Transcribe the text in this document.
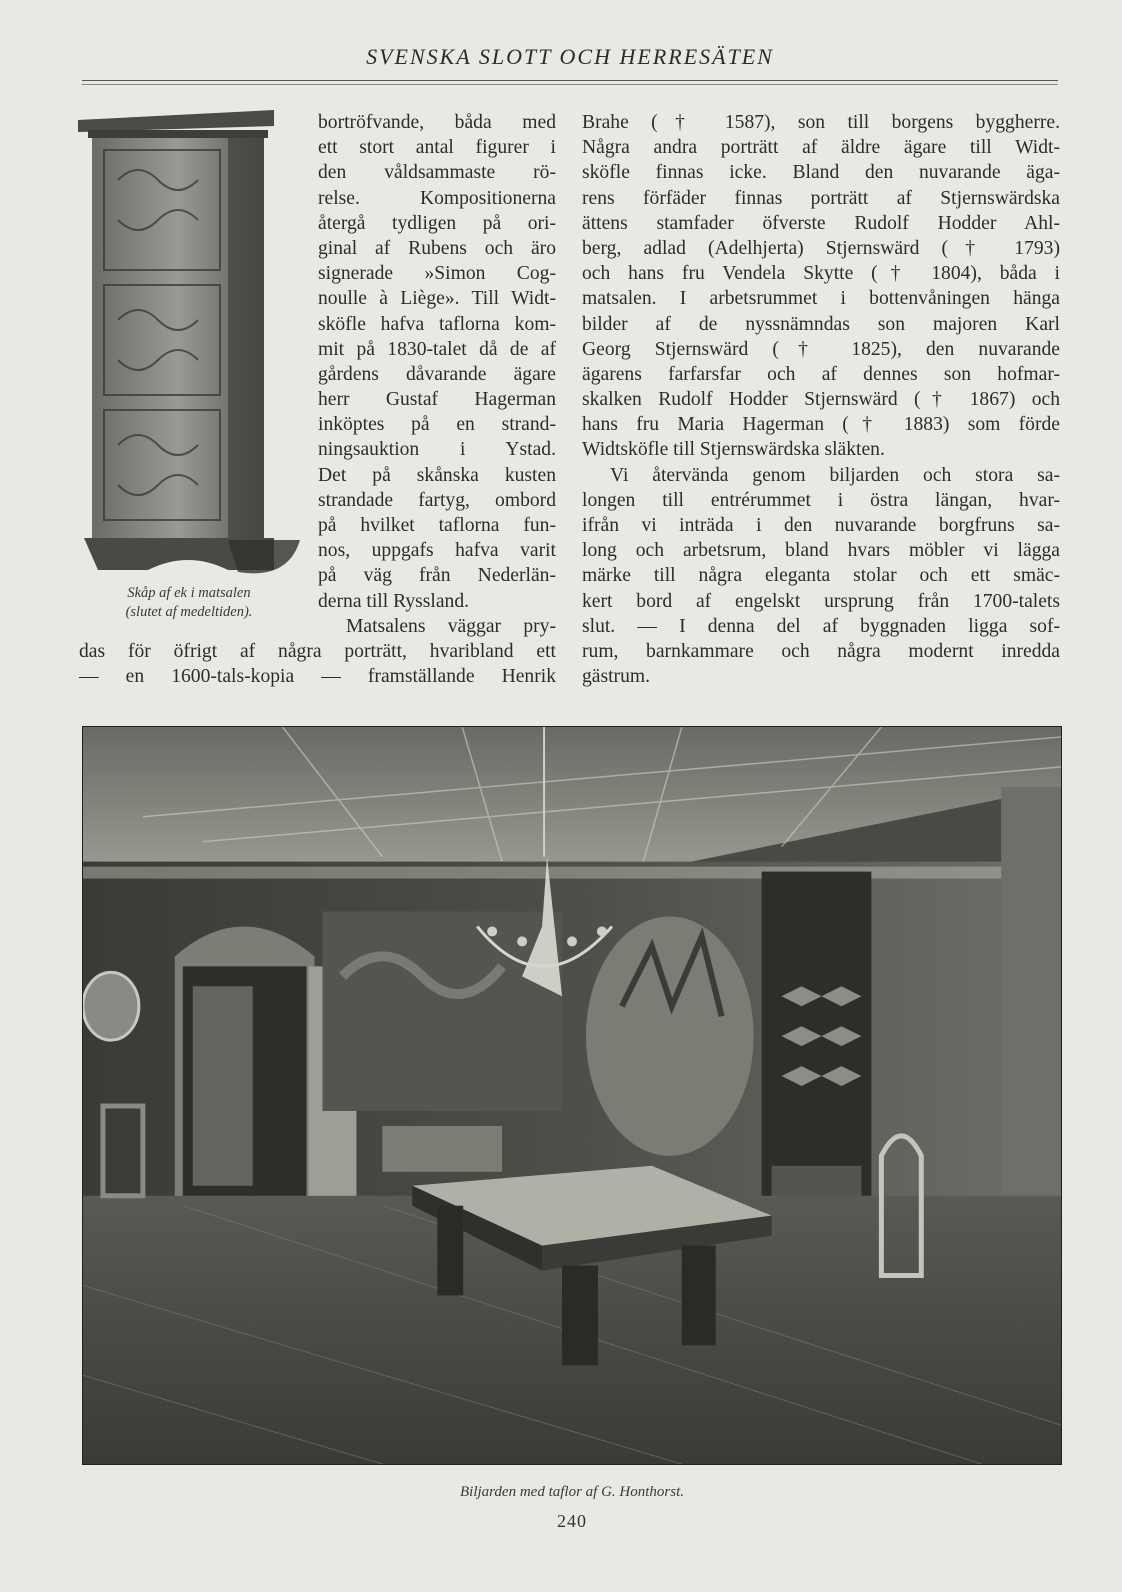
SVENSKA SLOTT OCH HERRESÄTEN
Skåp af ek i matsalen
(slutet af medeltiden).
bortröfvande, båda med
ett stort antal figurer i
den våldsammaste rö-
relse. Kompositionerna
återgå tydligen på ori-
ginal af Rubens och äro
signerade »Simon Cog-
noulle à Liège». Till Widt-
sköfle hafva taflorna kom-
mit på 1830-talet då de af
gårdens dåvarande ägare
herr Gustaf Hagerman
inköptes på en strand-
ningsauktion i Ystad.
Det på skånska kusten
strandade fartyg, ombord
på hvilket taflorna fun-
nos, uppgafs hafva varit
på väg från Nederlän-
derna till Ryssland.
Matsalens väggar pry-
das för öfrigt af några porträtt, hvaribland ett
— en 1600-tals-kopia — framställande Henrik
Brahe († 1587), son till borgens byggherre.
Några andra porträtt af äldre ägare till Widt-
sköfle finnas icke. Bland den nuvarande äga-
rens förfäder finnas porträtt af Stjernswärdska
ättens stamfader öfverste Rudolf Hodder Ahl-
berg, adlad (Adelhjerta) Stjernswärd († 1793)
och hans fru Vendela Skytte († 1804), båda i
matsalen. I arbetsrummet i bottenvåningen hänga
bilder af de nyssnämndas son majoren Karl
Georg Stjernswärd († 1825), den nuvarande
ägarens farfarsfar och af dennes son hofmar-
skalken Rudolf Hodder Stjernswärd († 1867) och
hans fru Maria Hagerman († 1883) som förde
Widtsköfle till Stjernswärdska släkten.
Vi återvända genom biljarden och stora sa-
longen till entrérummet i östra längan, hvar-
ifrån vi inträda i den nuvarande borgfruns sa-
long och arbetsrum, bland hvars möbler vi lägga
märke till några eleganta stolar och ett smäc-
kert bord af engelskt ursprung från 1700-talets
slut. — I denna del af byggnaden ligga sof-
rum, barnkammare och några modernt inredda
gästrum.
Biljarden med taflor af G. Honthorst.
240
